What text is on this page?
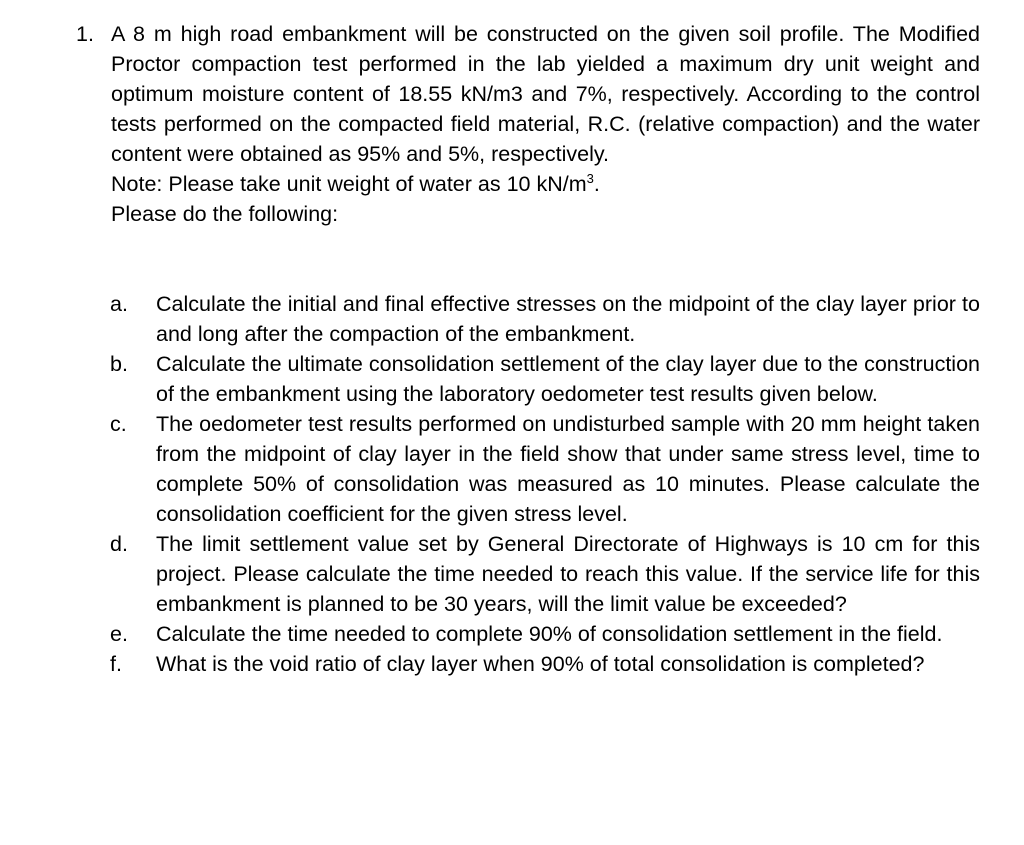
1. A 8 m high road embankment will be constructed on the given soil profile. The Modified Proctor compaction test performed in the lab yielded a maximum dry unit weight and optimum moisture content of 18.55 kN/m3 and 7%, respectively. According to the control tests performed on the compacted field material, R.C. (relative compaction) and the water content were obtained as 95% and 5%, respectively.

Note: Please take unit weight of water as 10 $kN/m^3$.

Please do the following:

a. Calculate the initial and final effective stresses on the midpoint of the clay layer prior to and long after the compaction of the embankment.
b. Calculate the ultimate consolidation settlement of the clay layer due to the construction of the embankment using the laboratory oedometer test results given below.
c. The oedometer test results performed on undisturbed sample with 20 mm height taken from the midpoint of clay layer in the field show that under same stress level, time to complete 50% of consolidation was measured as 10 minutes. Please calculate the consolidation coefficient for the given stress level.
d. The limit settlement value set by General Directorate of Highways is 10 cm for this project. Please calculate the time needed to reach this value. If the service life for this embankment is planned to be 30 years, will the limit value be exceeded?
e. Calculate the time needed to complete 90% of consolidation settlement in the field.
f. What is the void ratio of clay layer when 90% of total consolidation is completed?
